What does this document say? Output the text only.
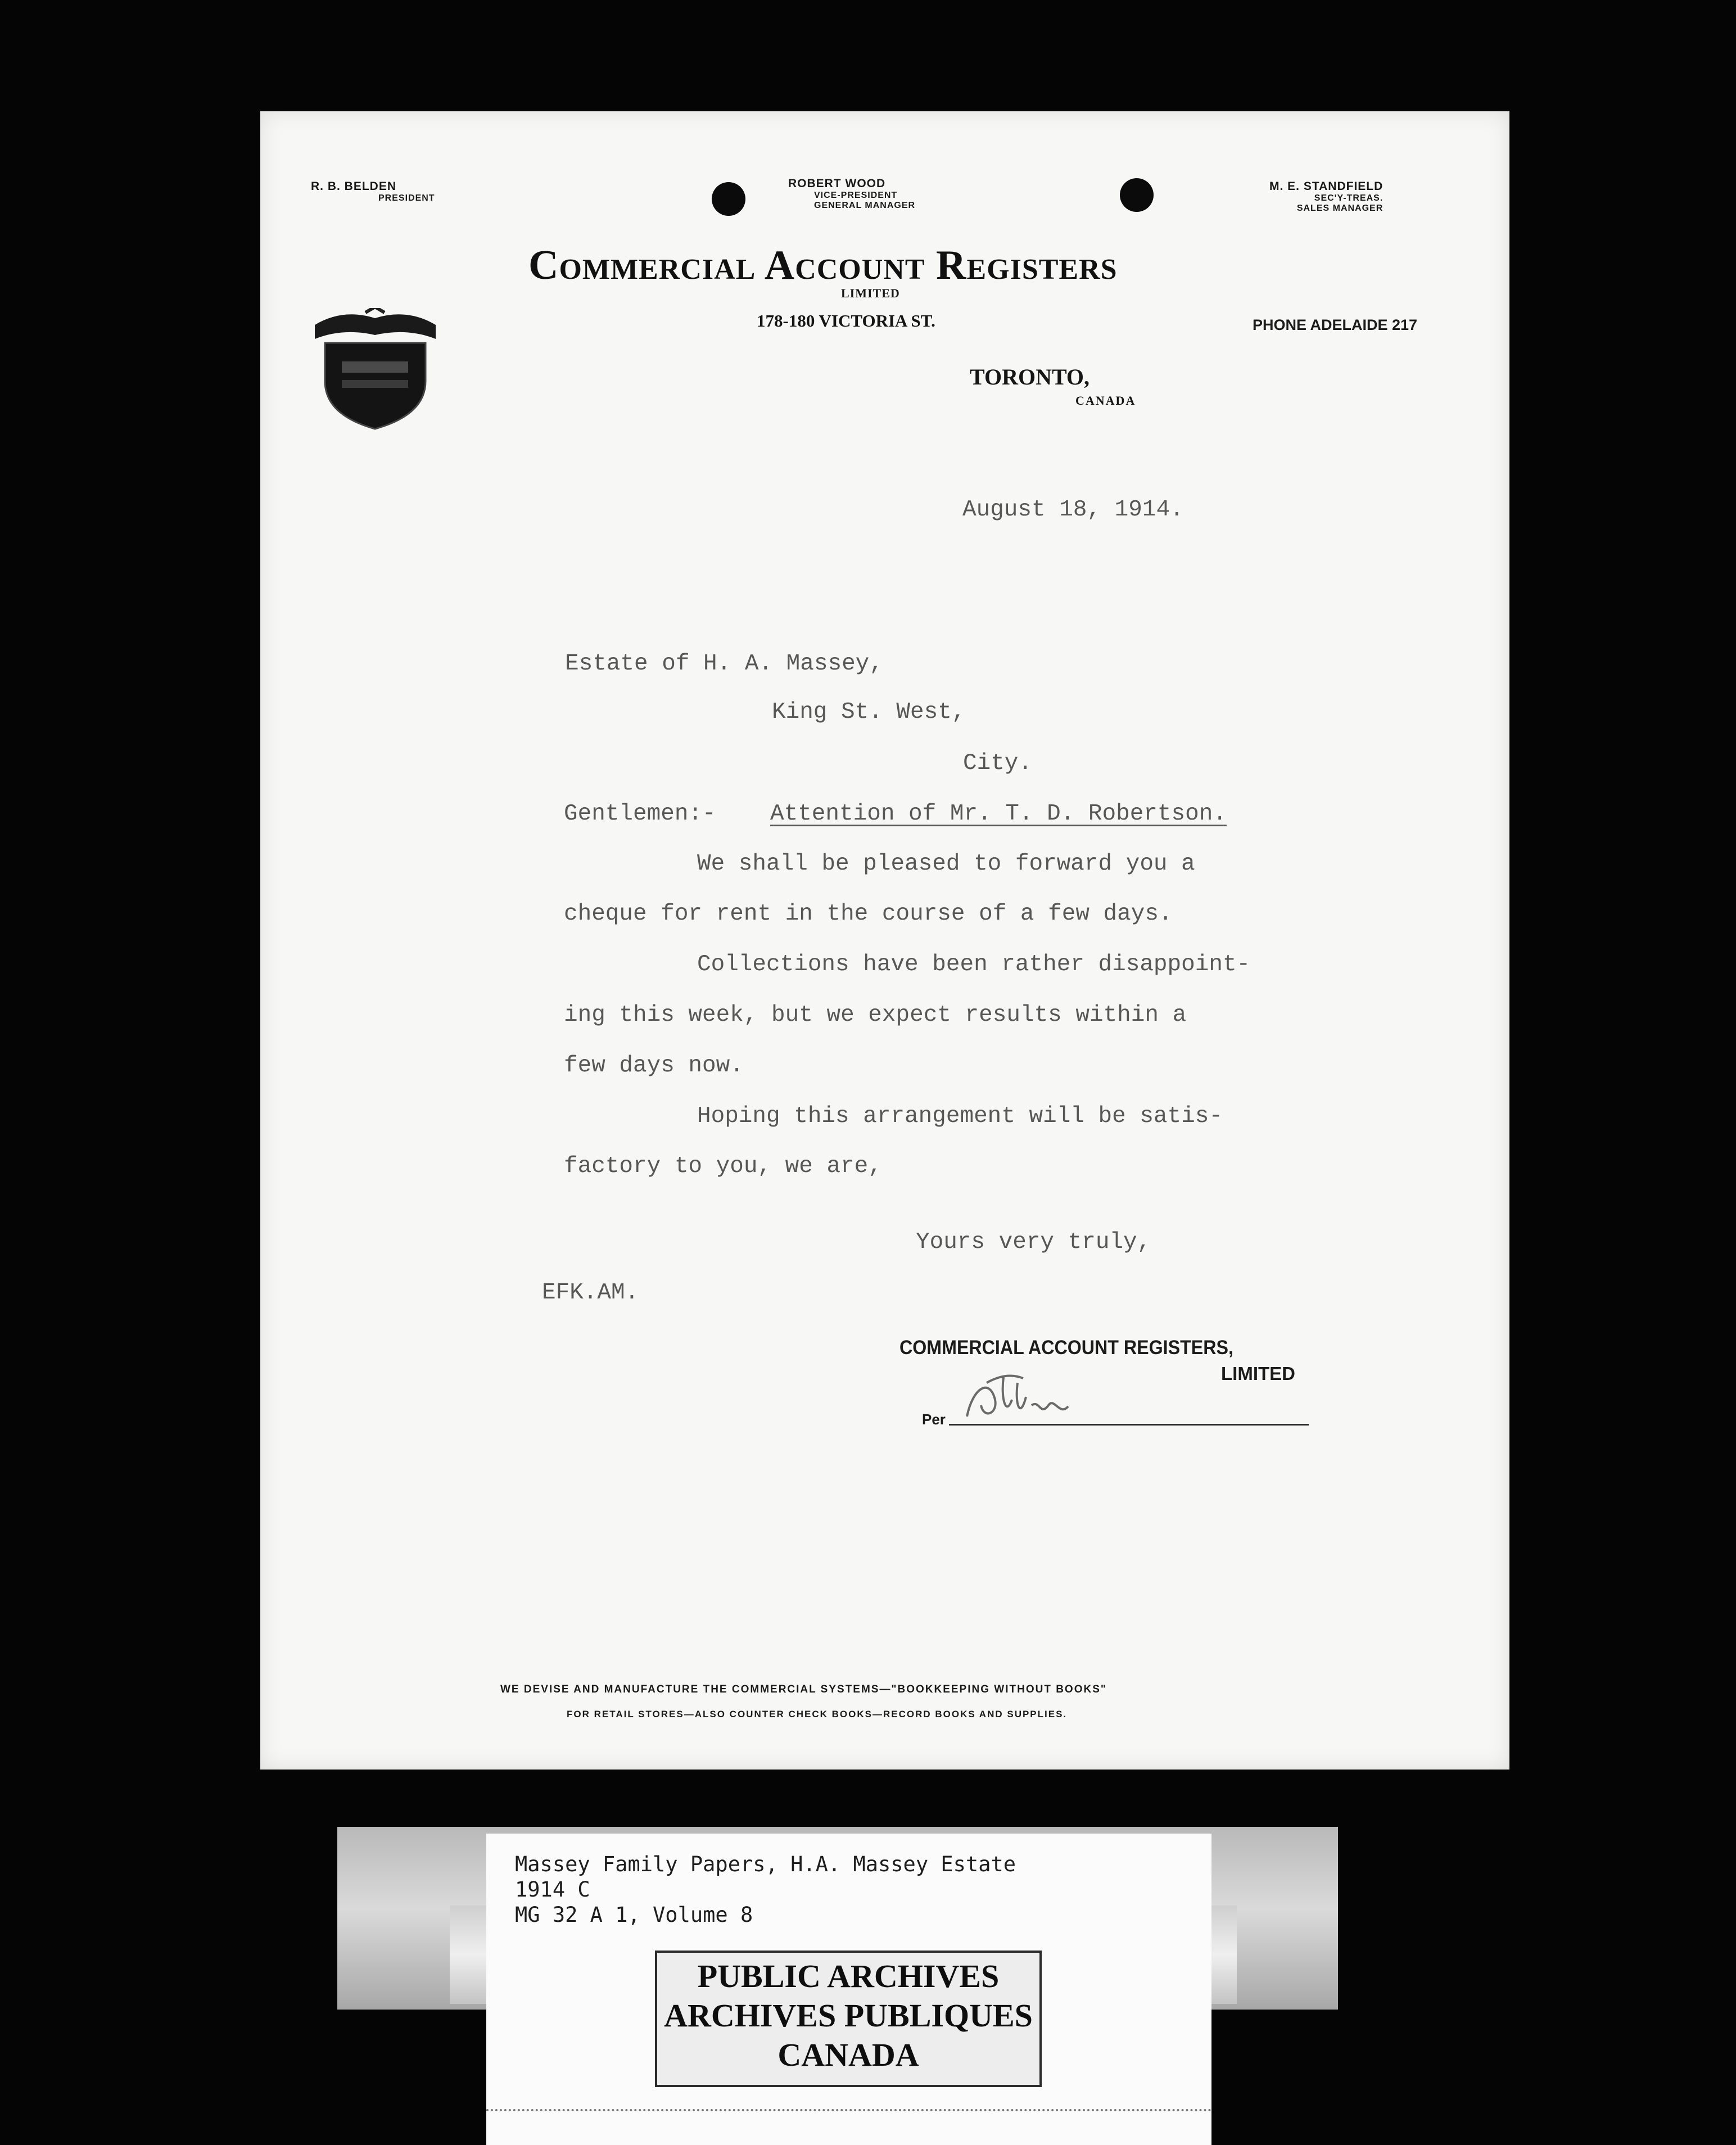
R. B. BELDEN
PRESIDENT
ROBERT WOOD
VICE-PRESIDENT
GENERAL MANAGER
M. E. STANDFIELD
SEC'Y-TREAS.
SALES MANAGER
Commercial Account Registers
LIMITED
178-180 VICTORIA ST.	PHONE ADELAIDE 217
TORONTO,
CANADA
August 18, 1914.
Estate of H. A. Massey,
King St. West,
City.
Gentlemen:- Attention of Mr. T. D. Robertson.
We shall be pleased to forward you a
cheque for rent in the course of a few days.
Collections have been rather disappoint-
ing this week, but we expect results within a
few days now.
Hoping this arrangement will be satis-
factory to you, we are,
Yours very truly,
EFK.AM.
COMMERCIAL ACCOUNT REGISTERS,
LIMITED
Per
WE DEVISE AND MANUFACTURE THE COMMERCIAL SYSTEMS—"BOOKKEEPING WITHOUT BOOKS"
FOR RETAIL STORES—ALSO COUNTER CHECK BOOKS—RECORD BOOKS AND SUPPLIES.
Massey Family Papers, H.A. Massey Estate
1914 C
MG 32 A 1, Volume 8
PUBLIC ARCHIVES
ARCHIVES PUBLIQUES
CANADA
